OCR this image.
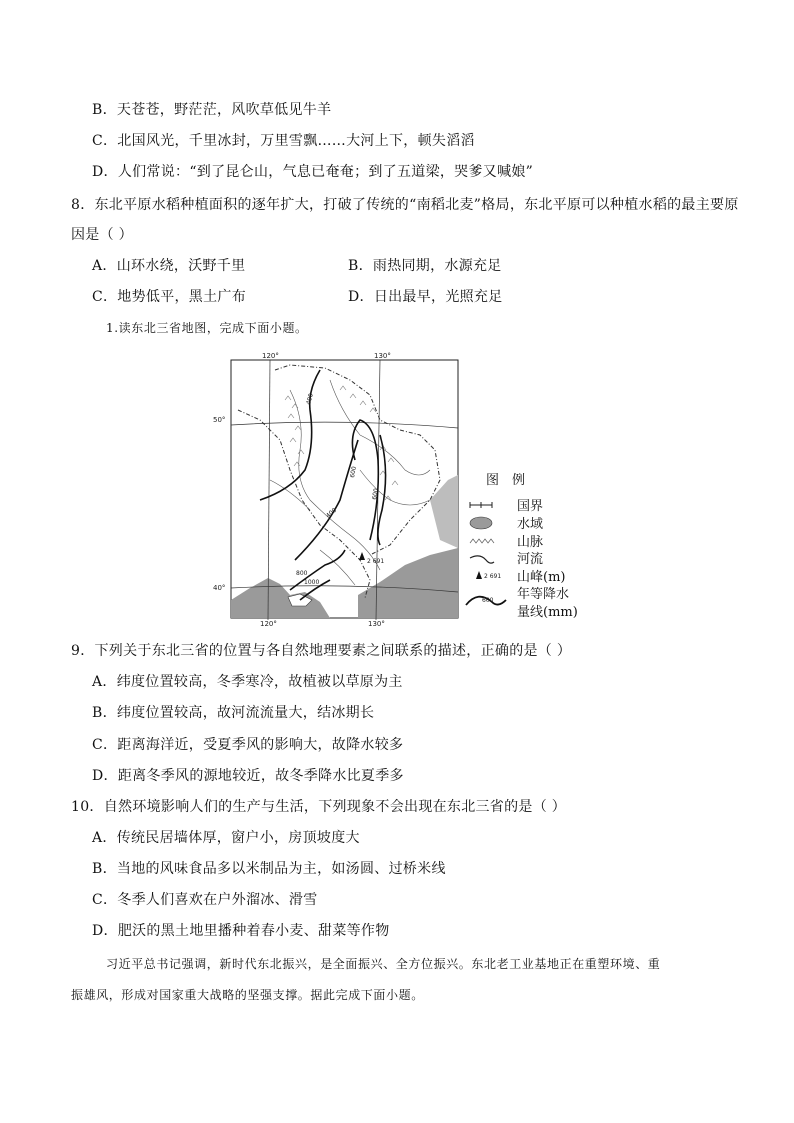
B．天苍苍，野茫茫，风吹草低见牛羊
C．北国风光，千里冰封，万里雪飘……大河上下，顿失滔滔
D．人们常说：“到了昆仑山，气息已奄奄；到了五道梁，哭爹又喊娘”
8．东北平原水稻种植面积的逐年扩大，打破了传统的“南稻北麦”格局，东北平原可以种植水稻的最主要原
因是（ ）
A．山环水绕，沃野千里	B．雨热同期，水源充足
C．地势低平，黑土广布	D．日出最早，光照充足
1.读东北三省地图，完成下面小题。
120°	130°
120°	130°
50°
40°
400
600
400
600
800
1000
2 691
图　例
国界
水域
山脉
河流
2 691 山峰(m)
600 年等降水
量线(mm)
9．下列关于东北三省的位置与各自然地理要素之间联系的描述，正确的是（ ）
A．纬度位置较高，冬季寒冷，故植被以草原为主
B．纬度位置较高，故河流流量大，结冰期长
C．距离海洋近，受夏季风的影响大，故降水较多
D．距离冬季风的源地较近，故冬季降水比夏季多
10．自然环境影响人们的生产与生活，下列现象不会出现在东北三省的是（ ）
A．传统民居墙体厚，窗户小，房顶坡度大
B．当地的风味食品多以米制品为主，如汤圆、过桥米线
C．冬季人们喜欢在户外溜冰、滑雪
D．肥沃的黑土地里播种着春小麦、甜菜等作物
习近平总书记强调，新时代东北振兴，是全面振兴、全方位振兴。东北老工业基地正在重塑环境、重
振雄风，形成对国家重大战略的坚强支撑。据此完成下面小题。
